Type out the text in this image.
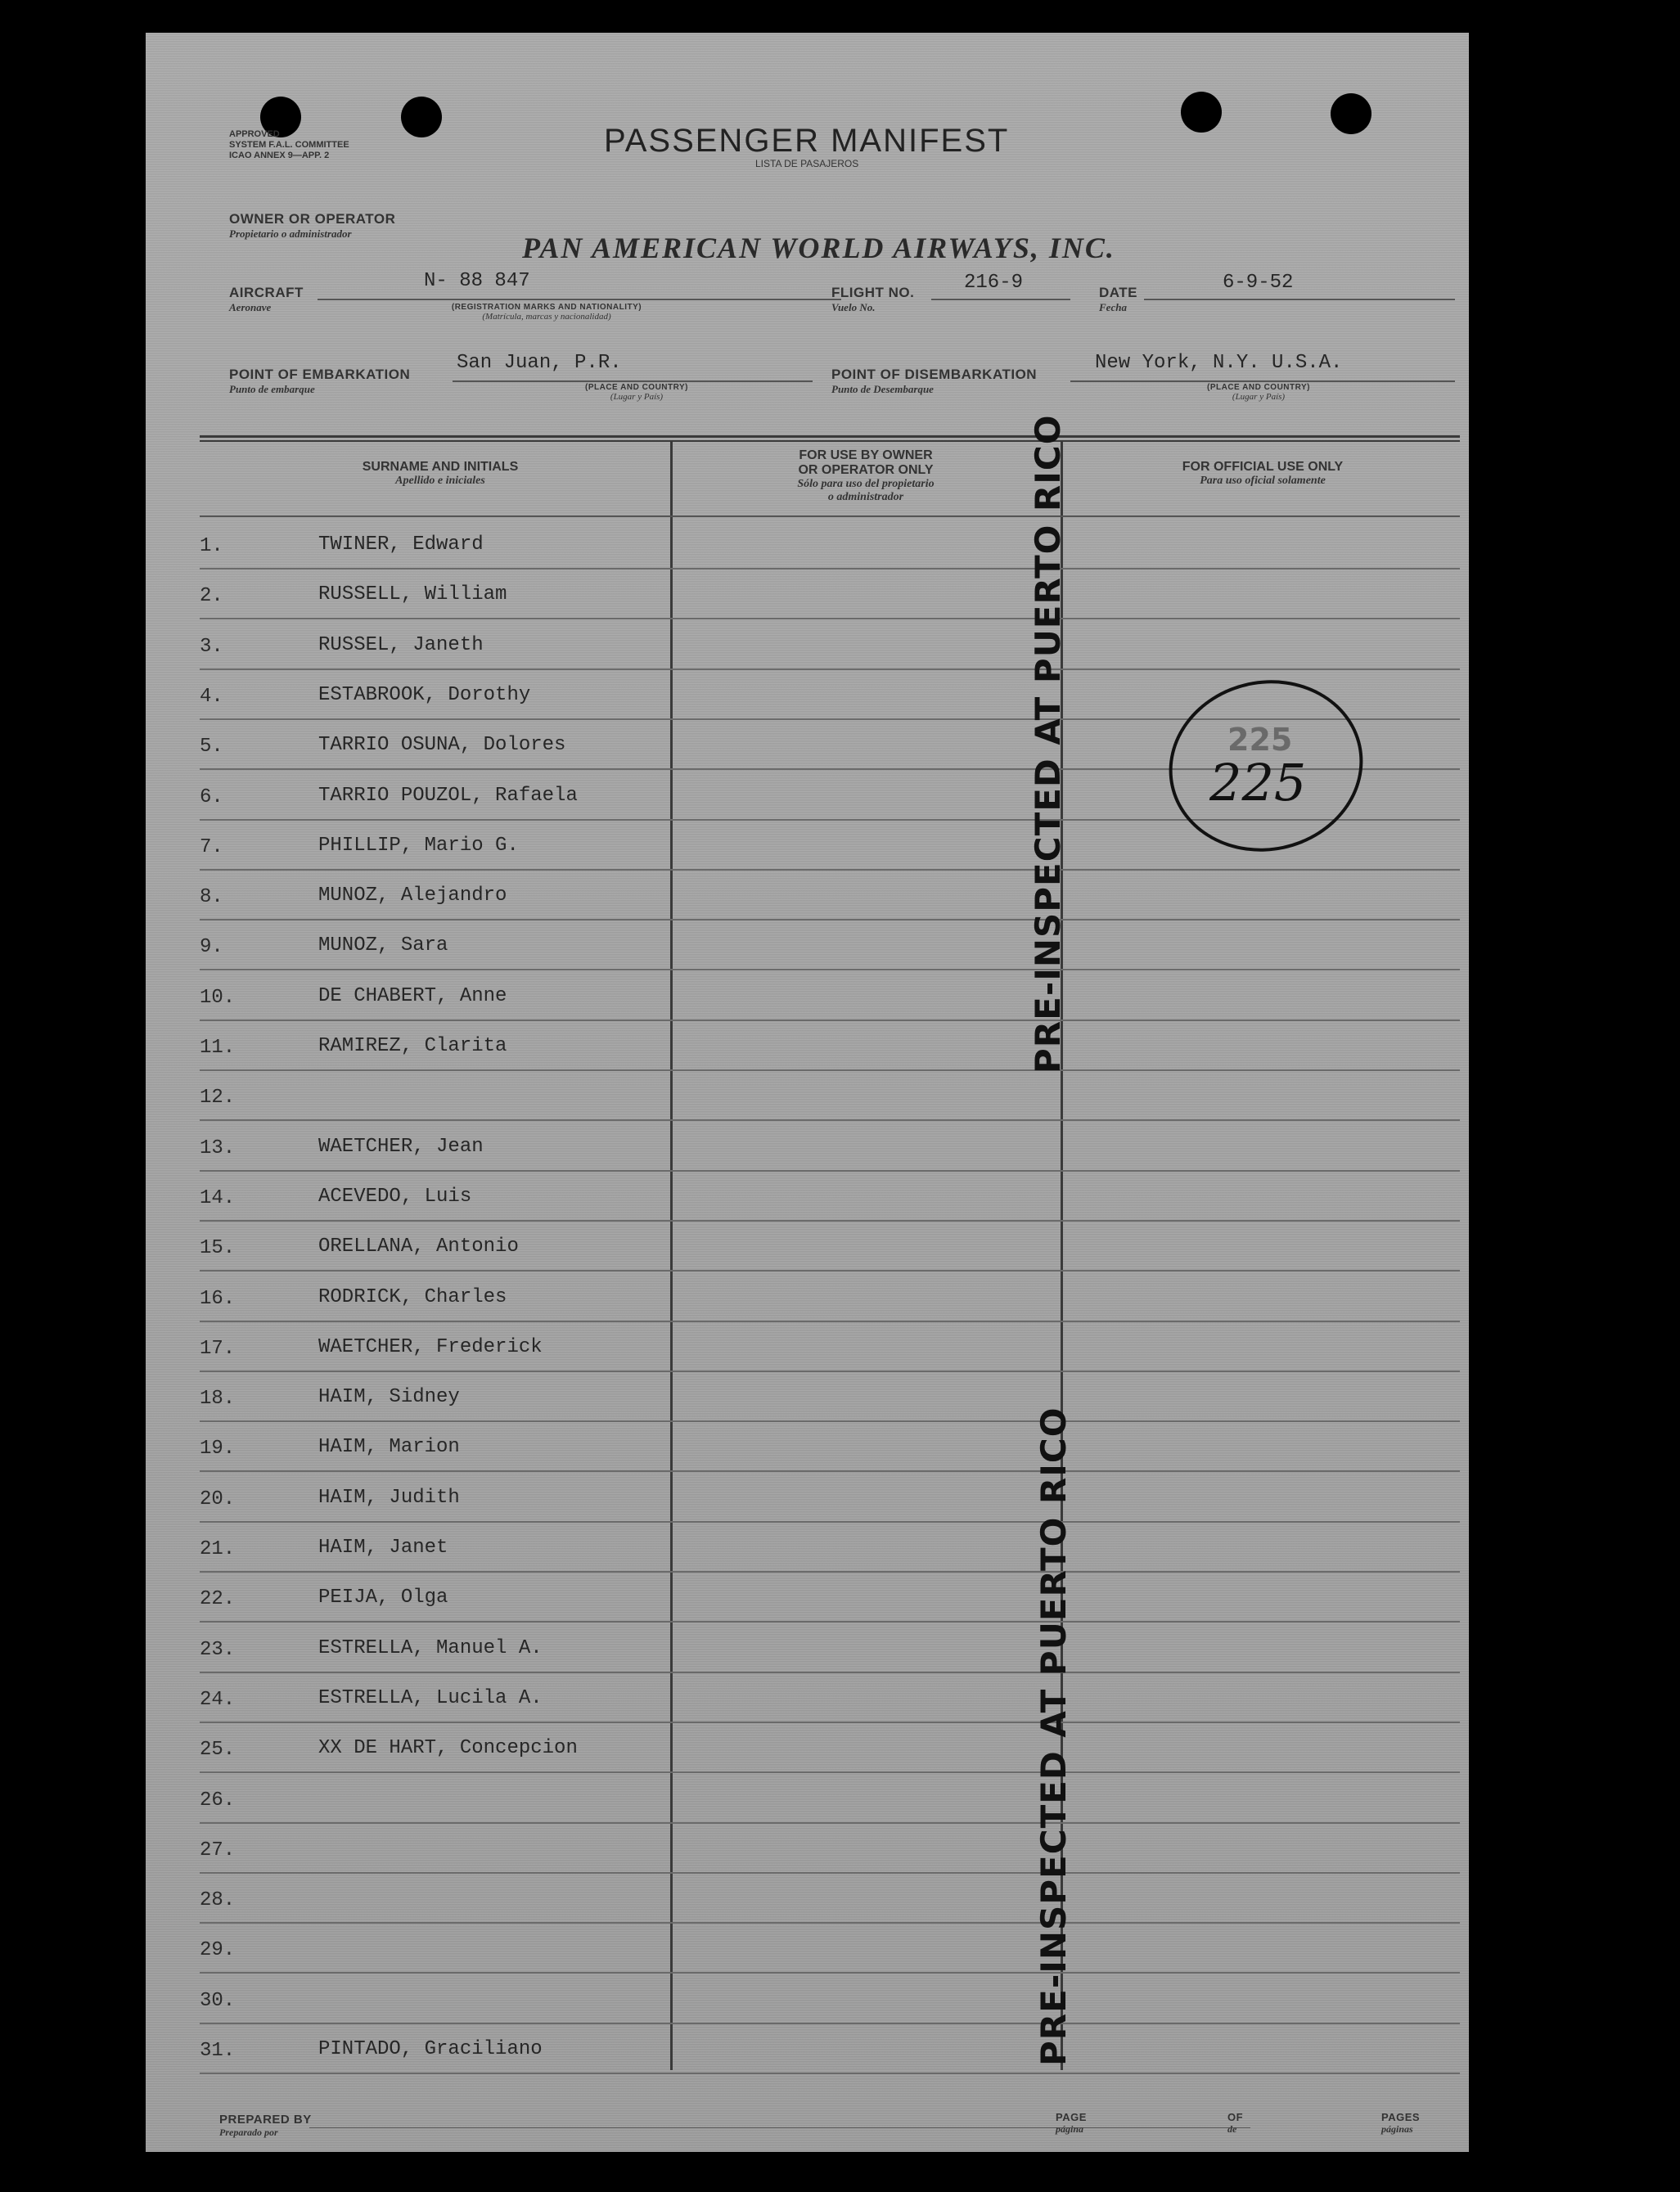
APPROVED
SYSTEM F.A.L. COMMITTEE
ICAO ANNEX 9—APP. 2	PASSENGER MANIFEST
LISTA DE PASAJEROS
OWNER OR OPERATOR
Propietario o administrador	PAN AMERICAN WORLD AIRWAYS, INC.
AIRCRAFT
Aeronave
N- 88 847
(REGISTRATION MARKS AND NATIONALITY)
(Matrícula, marcas y nacionalidad)
FLIGHT NO.
Vuelo No.
216-9	DATE
Fecha
6-9-52
POINT OF EMBARKATION
Punto de embarque
San Juan, P.R.
(PLACE AND COUNTRY)
(Lugar y País)
POINT OF DISEMBARKATION
Punto de Desembarque
New York, N.Y. U.S.A.
(PLACE AND COUNTRY)
(Lugar y País)
SURNAME AND INITIALS
Apellido e iniciales
FOR USE BY OWNER
OR OPERATOR ONLY
Sólo para uso del propietario
o administrador
FOR OFFICIAL USE ONLY
Para uso oficial solamente
1.	TWINER, Edward
2.	RUSSELL, William
3.	RUSSEL, Janeth
4.	ESTABROOK, Dorothy
5.	TARRIO OSUNA, Dolores
6.	TARRIO POUZOL, Rafaela
7.	PHILLIP, Mario G.
8.	MUNOZ, Alejandro
9.	MUNOZ, Sara
10.	DE CHABERT, Anne
11.	RAMIREZ, Clarita
12.
13.	WAETCHER, Jean
14.	ACEVEDO, Luis
15.	ORELLANA, Antonio
16.	RODRICK, Charles
17.	WAETCHER, Frederick
18.	HAIM, Sidney
19.	HAIM, Marion
20.	HAIM, Judith
21.	HAIM, Janet
22.	PEIJA, Olga
23.	ESTRELLA, Manuel A.
24.	ESTRELLA, Lucila A.
25.	XX DE HART, Concepcion
26.
27.
28.
29.
30.
31.	PINTADO, Graciliano
PRE-INSPECTED AT PUERTO RICO
PRE-INSPECTED AT PUERTO RICO
225
225
PREPARED BY
Preparado por
PAGE
página
OF
de
PAGES
páginas
